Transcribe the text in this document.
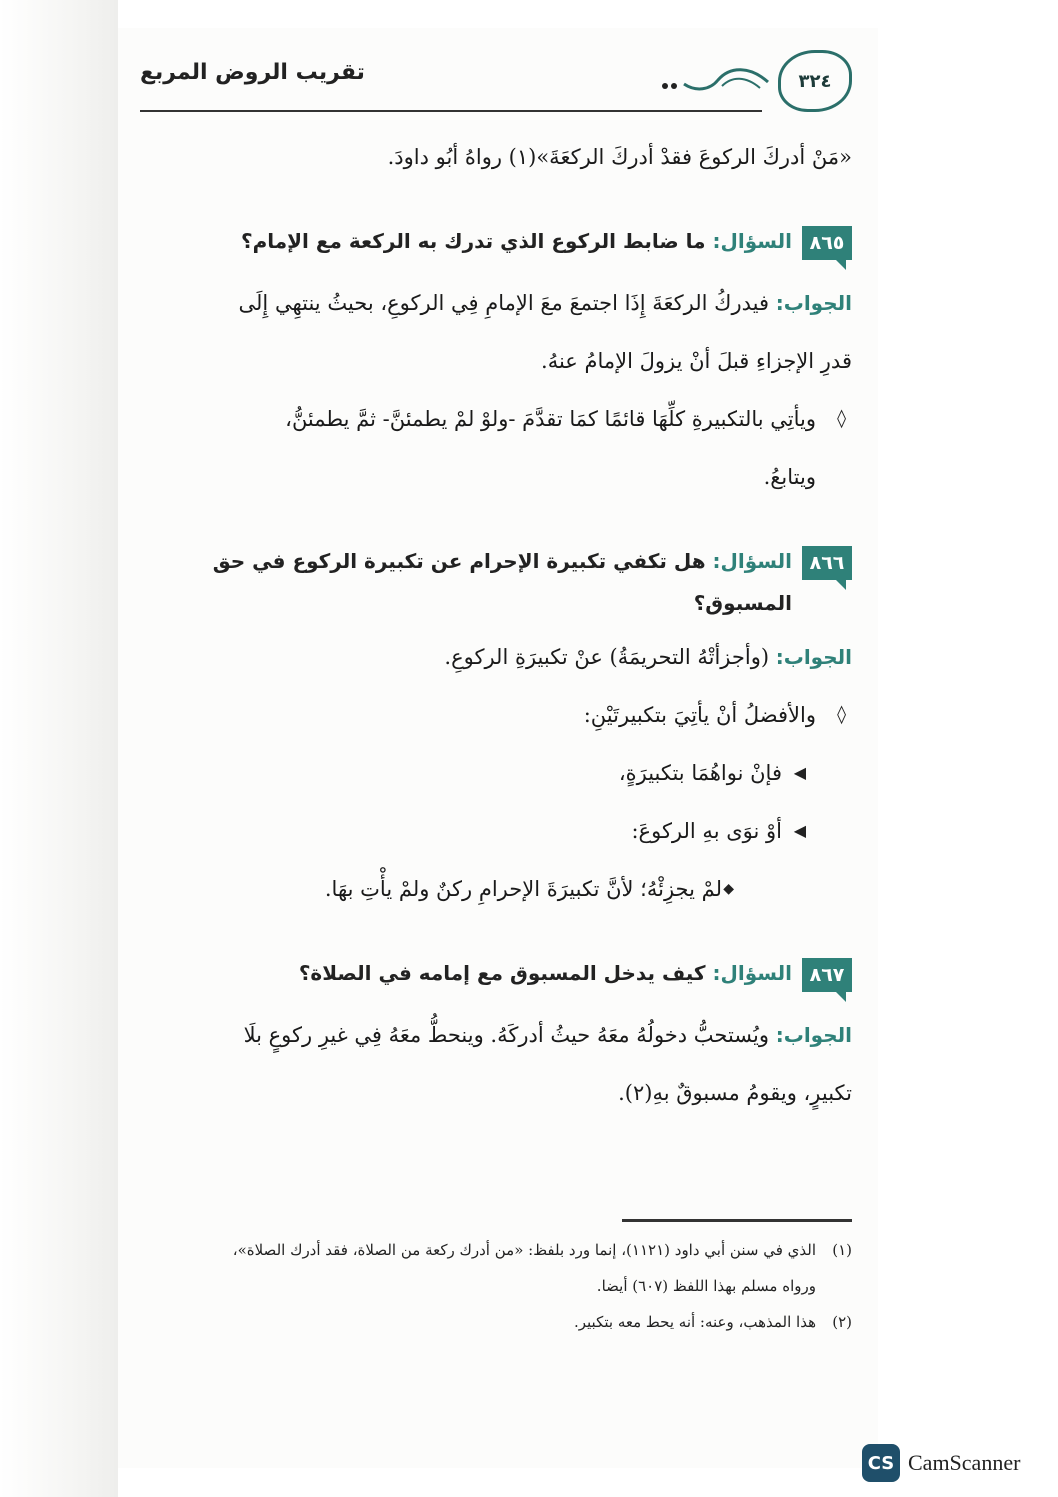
٣٢٤
تقريب الروض المربع
«مَنْ أدركَ الركوعَ فقدْ أدركَ الركعَةَ»(١) رواهُ أبُو داودَ.
٨٦٥
السؤال: ما ضابط الركوع الذي تدرك به الركعة مع الإمام؟
الجواب: فيدركُ الركعَةَ إِذَا اجتمعَ معَ الإمامِ فِي الركوعِ، بحيثُ ينتهِي إِلَى
قدرِ الإجزاءِ قبلَ أنْ يزولَ الإمامُ عنهُ.
◊
ويأتِي بالتكبيرةِ كلِّهَا قائمًا كمَا تقدَّمَ -ولوْ لمْ يطمئنَّ- ثمَّ يطمئنُّ،
ويتابعُ.
٨٦٦
السؤال: هل تكفي تكبيرة الإحرام عن تكبيرة الركوع في حق
المسبوق؟
الجواب: (وأجزأتْهُ التحريمَةُ) عنْ تكبيرَةِ الركوعِ.
◊
والأفضلُ أنْ يأتِيَ بتكبيرتَيْنِ:
◀
فإنْ نواهُمَا بتكبيرَةٍ،
◀
أوْ نوَى بهِ الركوعَ:
◆
لمْ يجزِئْهُ؛ لأنَّ تكبيرَةَ الإحرامِ ركنٌ ولمْ يأْتِ بهَا.
٨٦٧
السؤال: كيف يدخل المسبوق مع إمامه في الصلاة؟
الجواب: ويُستحبُّ دخولُهُ معَهُ حيثُ أدركَهُ. وينحطُّ معَهُ فِي غيرِ ركوعٍ بلَا
تكبيرٍ، ويقومُ مسبوقٌ بهِ(٢).
(١)
الذي في سنن أبي داود (١١٢١)، إنما ورد بلفظ: «من أدرك ركعة من الصلاة، فقد أدرك الصلاة»،
ورواه مسلم بهذا اللفظ (٦٠٧) أيضا.
(٢)
هذا المذهب، وعنه: أنه يحط معه بتكبير.
CS CamScanner
